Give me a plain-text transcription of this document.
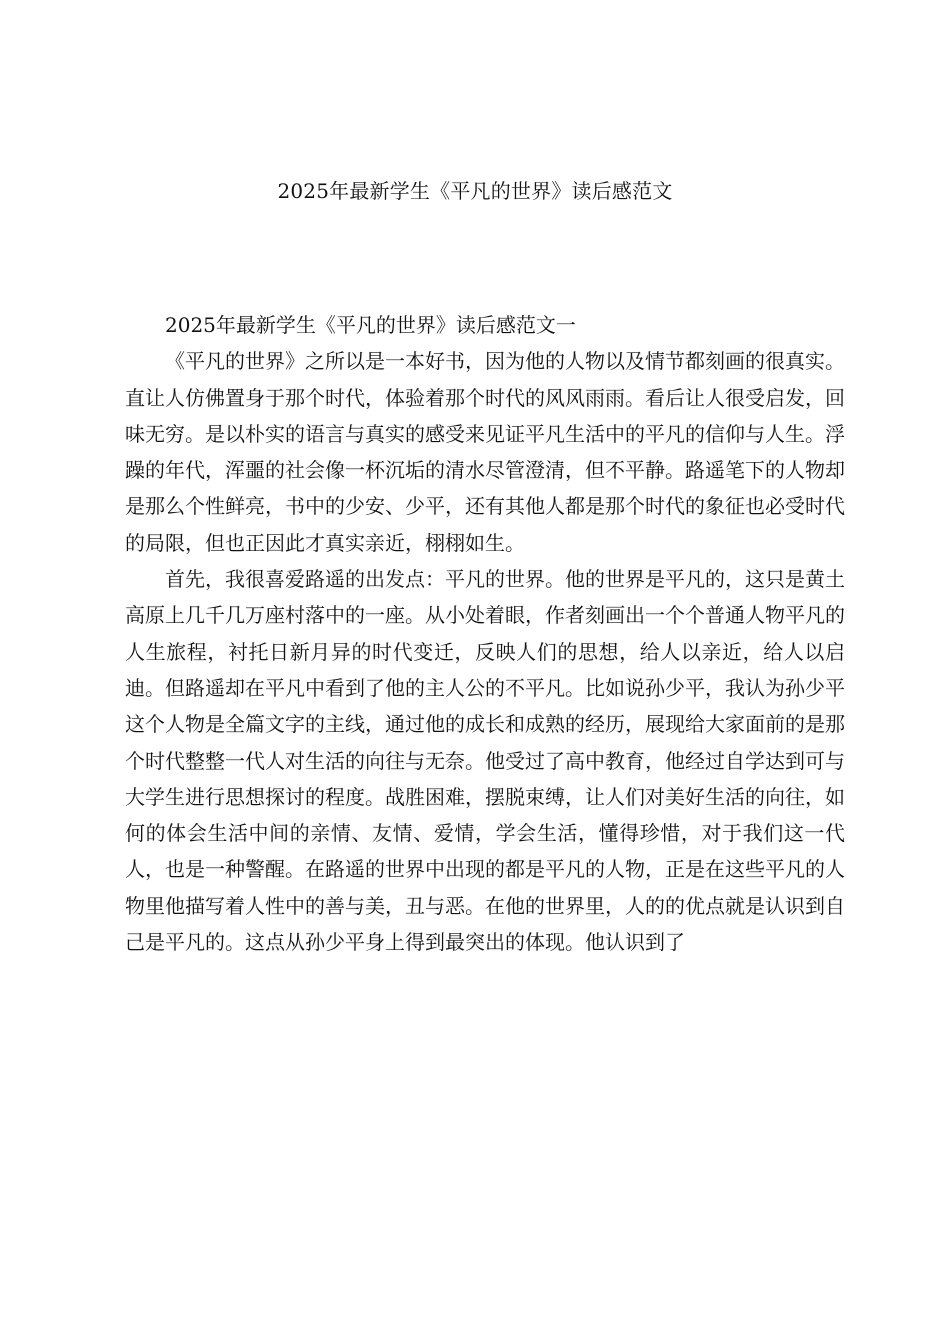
2025年最新学生《平凡的世界》读后感范文

2025年最新学生《平凡的世界》读后感范文一

《平凡的世界》之所以是一本好书，因为他的人物以及情节都刻画的很真实。直让人仿佛置身于那个时代，体验着那个时代的风风雨雨。看后让人很受启发，回味无穷。是以朴实的语言与真实的感受来见证平凡生活中的平凡的信仰与人生。浮躁的年代，浑噩的社会像一杯沉垢的清水尽管澄清，但不平静。路遥笔下的人物却是那么个性鲜亮，书中的少安、少平，还有其他人都是那个时代的象征也必受时代的局限，但也正因此才真实亲近，栩栩如生。

首先，我很喜爱路遥的出发点：平凡的世界。他的世界是平凡的，这只是黄土高原上几千几万座村落中的一座。从小处着眼，作者刻画出一个个普通人物平凡的人生旅程，衬托日新月异的时代变迁，反映人们的思想，给人以亲近，给人以启迪。但路遥却在平凡中看到了他的主人公的不平凡。比如说孙少平，我认为孙少平这个人物是全篇文字的主线，通过他的成长和成熟的经历，展现给大家面前的是那个时代整整一代人对生活的向往与无奈。他受过了高中教育，他经过自学达到可与大学生进行思想探讨的程度。战胜困难，摆脱束缚，让人们对美好生活的向往，如何的体会生活中间的亲情、友情、爱情，学会生活，懂得珍惜，对于我们这一代人，也是一种警醒。在路遥的世界中出现的都是平凡的人物，正是在这些平凡的人物里他描写着人性中的善与美，丑与恶。在他的世界里，人的的优点就是认识到自己是平凡的。这点从孙少平身上得到最突出的体现。他认识到了
